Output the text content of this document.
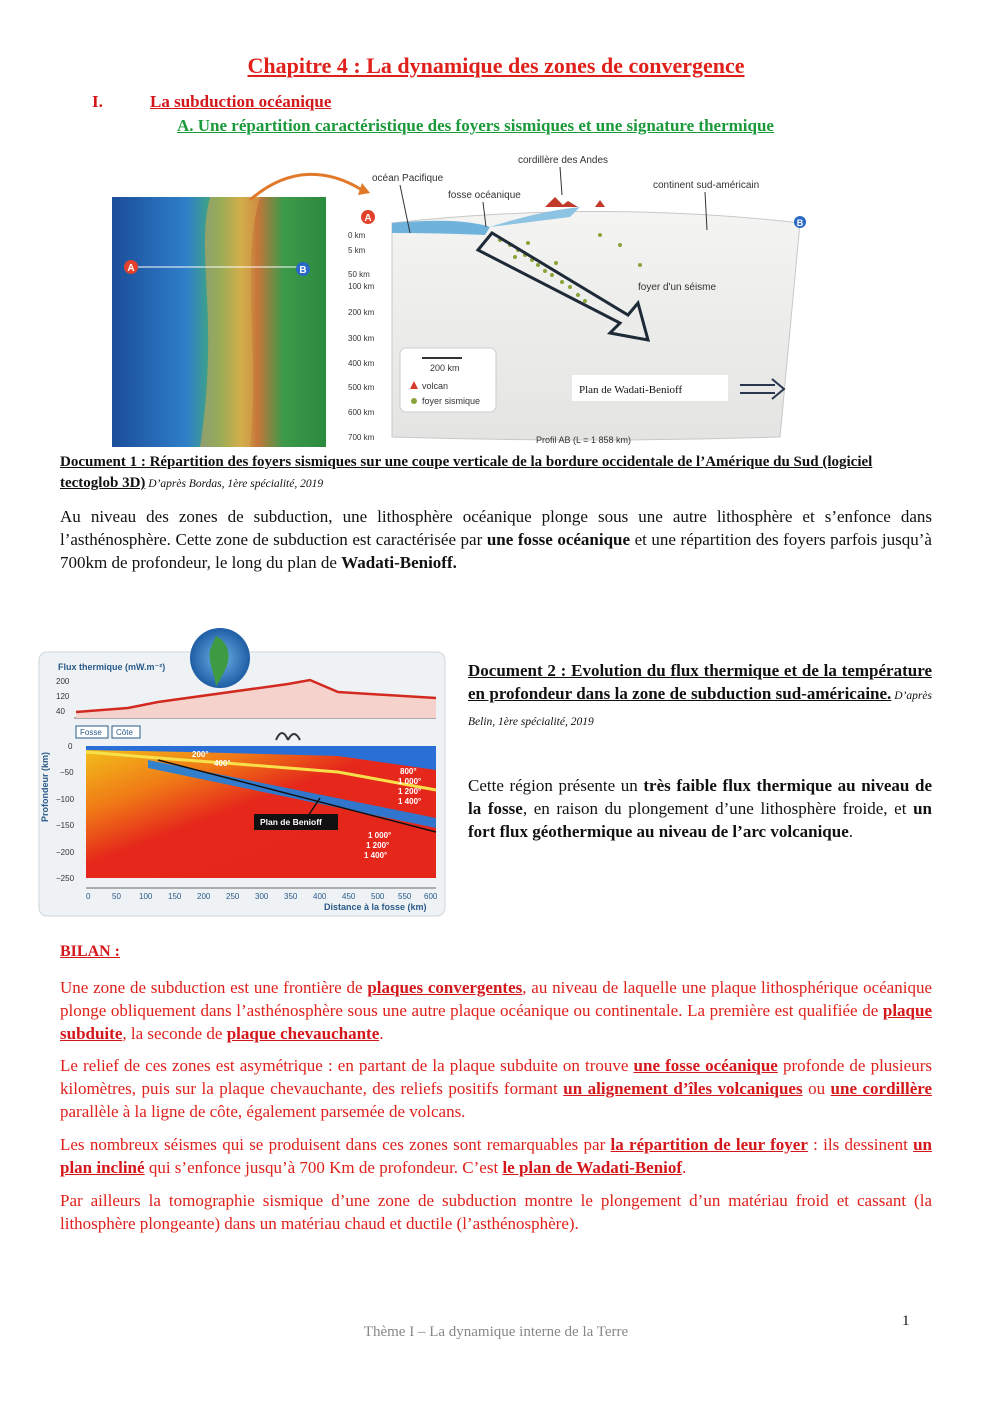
Chapitre 4 : La dynamique des zones de convergence
I.	La subduction océanique
A. Une répartition caractéristique des foyers sismiques et une signature thermique
A	B
A	B
0 km
5 km
50 km
100 km
200 km
300 km
400 km
500 km
600 km
700 km
cordillère des Andes
océan Pacifique
fosse océanique
continent sud-américain
foyer d'un séisme
200 km
volcan
foyer sismique
Plan de Wadati-Benioff
Profil AB (L = 1 858 km)
Document 1 : Répartition des foyers sismiques sur une coupe verticale de la bordure occidentale de l’Amérique du Sud (logiciel tectoglob 3D) D’après Bordas, 1ère spécialité, 2019
Au niveau des zones de subduction, une lithosphère océanique plonge sous une autre lithosphère et s’enfonce dans l’asthénosphère. Cette zone de subduction est caractérisée par une fosse océanique et une répartition des foyers parfois jusqu’à 700km de profondeur, le long du plan de Wadati-Benioff.
Flux thermique (mW.m⁻²)
200
120
40
Fosse Côte
200°
400°
800°
1 000°
1 200°
1 400°
1 000°
1 200°
1 400°
Plan de Benioff
Profondeur (km)
0
−50
−100
−150
−200
−250
0	50 100 150 200 250 300 350 400 450 500 550 600
Distance à la fosse (km)
Document 2 : Evolution du flux thermique et de la température en profondeur dans la zone de subduction sud-américaine. D’après Belin, 1ère spécialité, 2019
Cette région présente un très faible flux thermique au niveau de la fosse, en raison du plongement d’une lithosphère froide, et un fort flux géothermique au niveau de l’arc volcanique.
BILAN :
Une zone de subduction est une frontière de plaques convergentes, au niveau de laquelle une plaque lithosphérique océanique plonge obliquement dans l’asthénosphère sous une autre plaque océanique ou continentale. La première est qualifiée de plaque subduite, la seconde de plaque chevauchante.
Le relief de ces zones est asymétrique : en partant de la plaque subduite on trouve une fosse océanique profonde de plusieurs kilomètres, puis sur la plaque chevauchante, des reliefs positifs formant un alignement d’îles volcaniques ou une cordillère parallèle à la ligne de côte, également parsemée de volcans.
Les nombreux séismes qui se produisent dans ces zones sont remarquables par la répartition de leur foyer : ils dessinent un plan incliné qui s’enfonce jusqu’à 700 Km de profondeur. C’est le plan de Wadati-Beniof.
Par ailleurs la tomographie sismique d’une zone de subduction montre le plongement d’un matériau froid et cassant (la lithosphère plongeante) dans un matériau chaud et ductile (l’asthénosphère).
1
Thème I – La dynamique interne de la Terre
